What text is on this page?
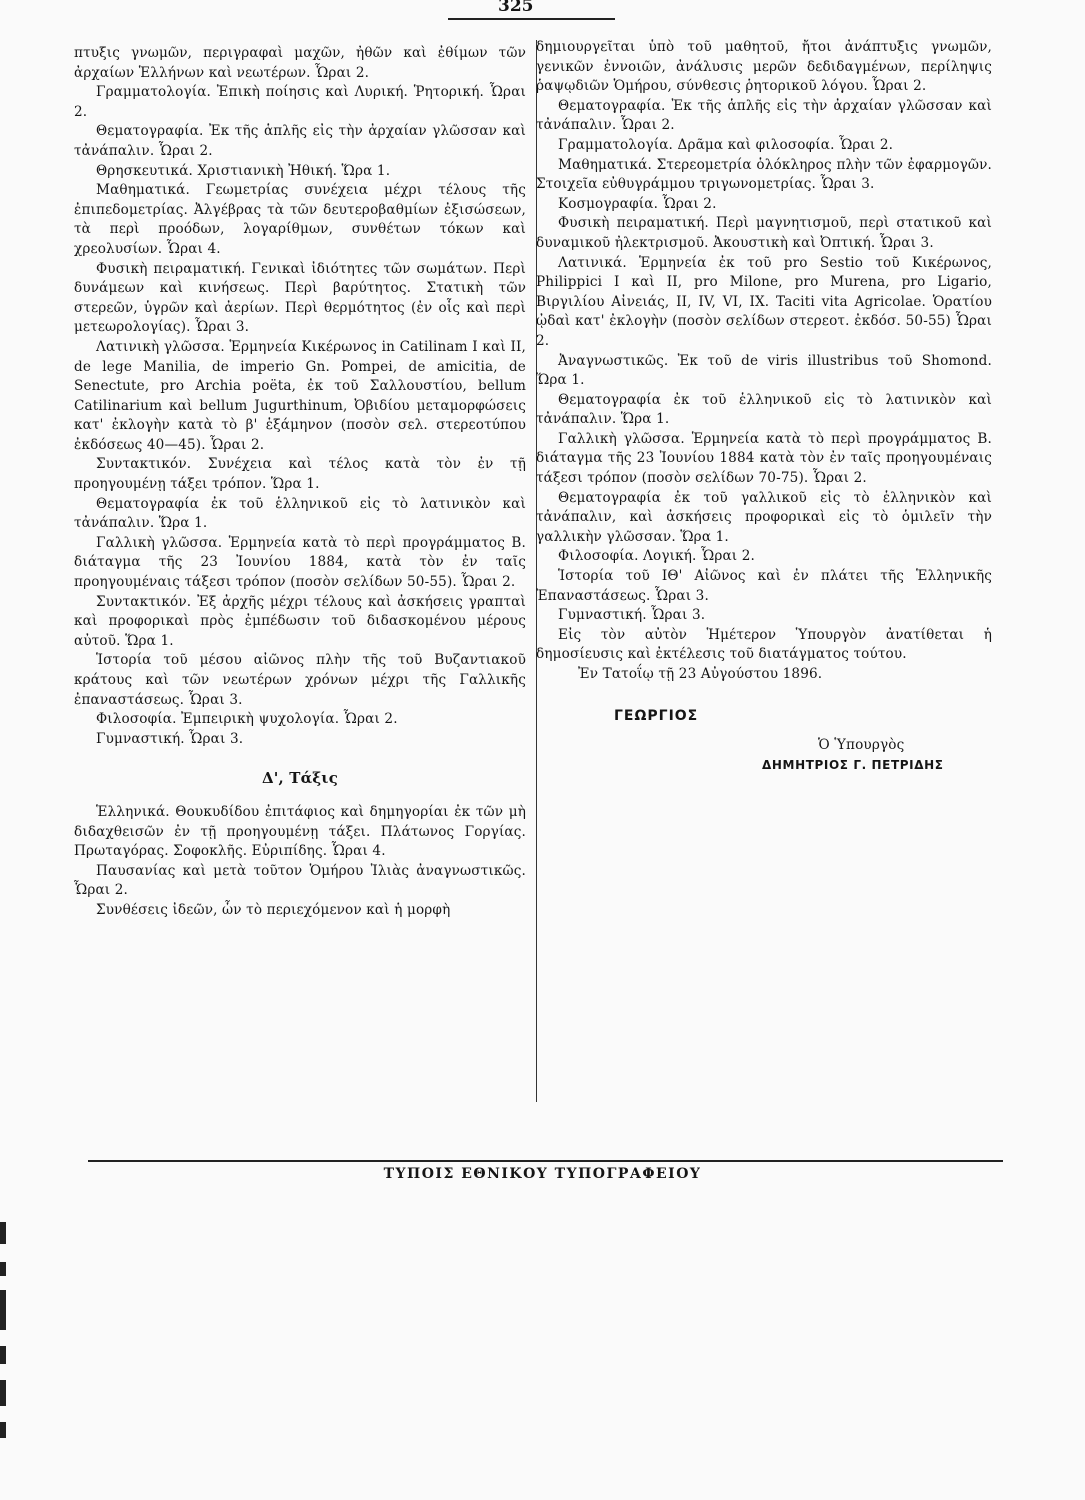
325

πτυξις γνωμῶν, περιγραφαὶ μαχῶν, ἠθῶν καὶ ἐθίμων τῶν ἀρχαίων Ἑλλήνων καὶ νεωτέρων. Ὧραι 2.

Γραμματολογία. Ἐπικὴ ποίησις καὶ Λυρική. Ῥητορική. Ὧραι 2.

Θεματογραφία. Ἐκ τῆς ἁπλῆς εἰς τὴν ἀρχαίαν γλῶσσαν καὶ τἀνάπαλιν. Ὧραι 2.

Θρησκευτικά. Χριστιανικὴ Ἠθική. Ὥρα 1.

Μαθηματικά. Γεωμετρίας συνέχεια μέχρι τέλους τῆς ἐπιπεδομετρίας. Ἀλγέβρας τὰ τῶν δευτεροβαθμίων ἐξισώσεων, τὰ περὶ προόδων, λογαρίθμων, συνθέτων τόκων καὶ χρεολυσίων. Ὧραι 4.

Φυσικὴ πειραματική. Γενικαὶ ἰδιότητες τῶν σωμάτων. Περὶ δυνάμεων καὶ κινήσεως. Περὶ βαρύτητος. Στατικὴ τῶν στερεῶν, ὑγρῶν καὶ ἀερίων. Περὶ θερμότητος (ἐν οἷς καὶ περὶ μετεωρολογίας). Ὧραι 3.

Λατινικὴ γλῶσσα. Ἑρμηνεία Κικέρωνος in Catilinam I καὶ II, de lege Manilia, de imperio Gn. Pompei, de amicitia, de Senectute, pro Archia poëta, ἐκ τοῦ Σαλλουστίου, bellum Catilinarium καὶ bellum Jugurthinum, Ὀβιδίου μεταμορφώσεις κατ' ἐκλογὴν κατὰ τὸ β' ἑξάμηνον (ποσὸν σελ. στερεοτύπου ἐκδόσεως 40—45). Ὧραι 2.

Συντακτικόν. Συνέχεια καὶ τέλος κατὰ τὸν ἐν τῇ προηγουμένῃ τάξει τρόπον. Ὥρα 1.

Θεματογραφία ἐκ τοῦ ἑλληνικοῦ εἰς τὸ λατινικὸν καὶ τἀνάπαλιν. Ὥρα 1.

Γαλλικὴ γλῶσσα. Ἑρμηνεία κατὰ τὸ περὶ προγράμματος Β. διάταγμα τῆς 23 Ἰουνίου 1884, κατὰ τὸν ἐν ταῖς προηγουμέναις τάξεσι τρόπον (ποσὸν σελίδων 50-55). Ὧραι 2.

Συντακτικόν. Ἐξ ἀρχῆς μέχρι τέλους καὶ ἀσκήσεις γραπταὶ καὶ προφορικαὶ πρὸς ἐμπέδωσιν τοῦ διδασκομένου μέρους αὐτοῦ. Ὥρα 1.

Ἱστορία τοῦ μέσου αἰῶνος πλὴν τῆς τοῦ Βυζαντιακοῦ κράτους καὶ τῶν νεωτέρων χρόνων μέχρι τῆς Γαλλικῆς ἐπαναστάσεως. Ὧραι 3.

Φιλοσοφία. Ἐμπειρικὴ ψυχολογία. Ὧραι 2.

Γυμναστική. Ὧραι 3.

Δ', Τάξις

Ἑλληνικά. Θουκυδίδου ἐπιτάφιος καὶ δημηγορίαι ἐκ τῶν μὴ διδαχθεισῶν ἐν τῇ προηγουμένῃ τάξει. Πλάτωνος Γοργίας. Πρωταγόρας. Σοφοκλῆς. Εὐριπίδης. Ὧραι 4.

Παυσανίας καὶ μετὰ τοῦτον Ὁμήρου Ἰλιὰς ἀναγνωστικῶς. Ὧραι 2.

Συνθέσεις ἰδεῶν, ὧν τὸ περιεχόμενον καὶ ἡ μορφὴ

δημιουργεῖται ὑπὸ τοῦ μαθητοῦ, ἤτοι ἀνάπτυξις γνωμῶν, γενικῶν ἐννοιῶν, ἀνάλυσις μερῶν δεδιδαγμένων, περίληψις ῥαψῳδιῶν Ὁμήρου, σύνθεσις ῥητορικοῦ λόγου. Ὧραι 2.

Θεματογραφία. Ἐκ τῆς ἁπλῆς εἰς τὴν ἀρχαίαν γλῶσσαν καὶ τἀνάπαλιν. Ὧραι 2.

Γραμματολογία. Δρᾶμα καὶ φιλοσοφία. Ὧραι 2.

Μαθηματικά. Στερεομετρία ὁλόκληρος πλὴν τῶν ἐφαρμογῶν. Στοιχεῖα εὐθυγράμμου τριγωνομετρίας. Ὧραι 3.

Κοσμογραφία. Ὧραι 2.

Φυσικὴ πειραματική. Περὶ μαγνητισμοῦ, περὶ στατικοῦ καὶ δυναμικοῦ ἠλεκτρισμοῦ. Ἀκουστικὴ καὶ Ὀπτική. Ὧραι 3.

Λατινικά. Ἑρμηνεία ἐκ τοῦ pro Sestio τοῦ Κικέρωνος, Philippici I καὶ II, pro Milone, pro Murena, pro Ligario, Βιργιλίου Αἰνειάς, II, IV, VI, IX. Taciti vita Agricolae. Ὁρατίου ᾠδαὶ κατ' ἐκλογὴν (ποσὸν σελίδων στερεοτ. ἐκδόσ. 50-55) Ὧραι 2.

Ἀναγνωστικῶς. Ἐκ τοῦ de viris illustribus τοῦ Shomond. Ὥρα 1.

Θεματογραφία ἐκ τοῦ ἑλληνικοῦ εἰς τὸ λατινικὸν καὶ τἀνάπαλιν. Ὥρα 1.

Γαλλικὴ γλῶσσα. Ἑρμηνεία κατὰ τὸ περὶ προγράμματος Β. διάταγμα τῆς 23 Ἰουνίου 1884 κατὰ τὸν ἐν ταῖς προηγουμέναις τάξεσι τρόπον (ποσὸν σελίδων 70-75). Ὧραι 2.

Θεματογραφία ἐκ τοῦ γαλλικοῦ εἰς τὸ ἑλληνικὸν καὶ τἀνάπαλιν, καὶ ἀσκήσεις προφορικαὶ εἰς τὸ ὁμιλεῖν τὴν γαλλικὴν γλῶσσαν. Ὥρα 1.

Φιλοσοφία. Λογική. Ὧραι 2.

Ἱστορία τοῦ ΙΘ' Αἰῶνος καὶ ἐν πλάτει τῆς Ἑλληνικῆς Ἐπαναστάσεως. Ὧραι 3.

Γυμναστική. Ὧραι 3.

Εἰς τὸν αὐτὸν Ἡμέτερον Ὑπουργὸν ἀνατίθεται ἡ δημοσίευσις καὶ ἐκτέλεσις τοῦ διατάγματος τούτου.

Ἐν Τατοΐῳ τῇ 23 Αὐγούστου 1896.

ΓΕΩΡΓΙΟΣ
Ὁ Ὑπουργὸς
ΔΗΜΗΤΡΙΟΣ Γ. ΠΕΤΡΙΔΗΣ
ΤΥΠΟΙΣ ΕΘΝΙΚΟΥ ΤΥΠΟΓΡΑΦΕΙΟΥ
